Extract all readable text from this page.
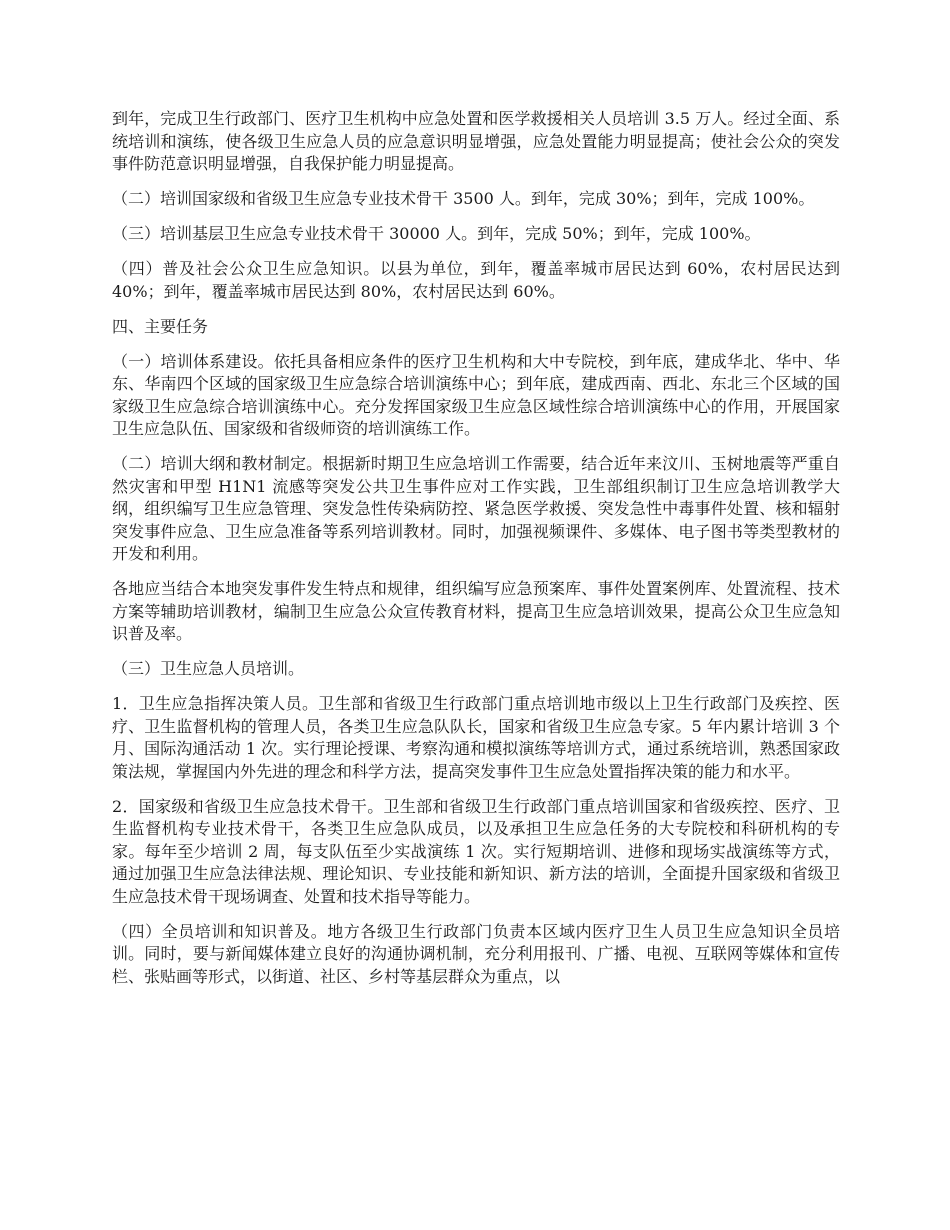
到年，完成卫生行政部门、医疗卫生机构中应急处置和医学救援相关人员培训 3.5 万人。经过全面、系统培训和演练，使各级卫生应急人员的应急意识明显增强，应急处置能力明显提高；使社会公众的突发事件防范意识明显增强，自我保护能力明显提高。

（二）培训国家级和省级卫生应急专业技术骨干 3500 人。到年，完成 30%；到年，完成 100%。

（三）培训基层卫生应急专业技术骨干 30000 人。到年，完成 50%；到年，完成 100%。

（四）普及社会公众卫生应急知识。以县为单位，到年，覆盖率城市居民达到 60%，农村居民达到 40%；到年，覆盖率城市居民达到 80%，农村居民达到 60%。

四、主要任务

（一）培训体系建设。依托具备相应条件的医疗卫生机构和大中专院校，到年底，建成华北、华中、华东、华南四个区域的国家级卫生应急综合培训演练中心；到年底，建成西南、西北、东北三个区域的国家级卫生应急综合培训演练中心。充分发挥国家级卫生应急区域性综合培训演练中心的作用，开展国家卫生应急队伍、国家级和省级师资的培训演练工作。

（二）培训大纲和教材制定。根据新时期卫生应急培训工作需要，结合近年来汶川、玉树地震等严重自然灾害和甲型 H1N1 流感等突发公共卫生事件应对工作实践，卫生部组织制订卫生应急培训教学大纲，组织编写卫生应急管理、突发急性传染病防控、紧急医学救援、突发急性中毒事件处置、核和辐射突发事件应急、卫生应急准备等系列培训教材。同时，加强视频课件、多媒体、电子图书等类型教材的开发和利用。

各地应当结合本地突发事件发生特点和规律，组织编写应急预案库、事件处置案例库、处置流程、技术方案等辅助培训教材，编制卫生应急公众宣传教育材料，提高卫生应急培训效果，提高公众卫生应急知识普及率。

（三）卫生应急人员培训。

1．卫生应急指挥决策人员。卫生部和省级卫生行政部门重点培训地市级以上卫生行政部门及疾控、医疗、卫生监督机构的管理人员，各类卫生应急队队长，国家和省级卫生应急专家。5 年内累计培训 3 个月、国际沟通活动 1 次。实行理论授课、考察沟通和模拟演练等培训方式，通过系统培训，熟悉国家政策法规，掌握国内外先进的理念和科学方法，提高突发事件卫生应急处置指挥决策的能力和水平。

2．国家级和省级卫生应急技术骨干。卫生部和省级卫生行政部门重点培训国家和省级疾控、医疗、卫生监督机构专业技术骨干，各类卫生应急队成员，以及承担卫生应急任务的大专院校和科研机构的专家。每年至少培训 2 周，每支队伍至少实战演练 1 次。实行短期培训、进修和现场实战演练等方式，通过加强卫生应急法律法规、理论知识、专业技能和新知识、新方法的培训，全面提升国家级和省级卫生应急技术骨干现场调查、处置和技术指导等能力。

（四）全员培训和知识普及。地方各级卫生行政部门负责本区域内医疗卫生人员卫生应急知识全员培训。同时，要与新闻媒体建立良好的沟通协调机制，充分利用报刊、广播、电视、互联网等媒体和宣传栏、张贴画等形式，以街道、社区、乡村等基层群众为重点，以
